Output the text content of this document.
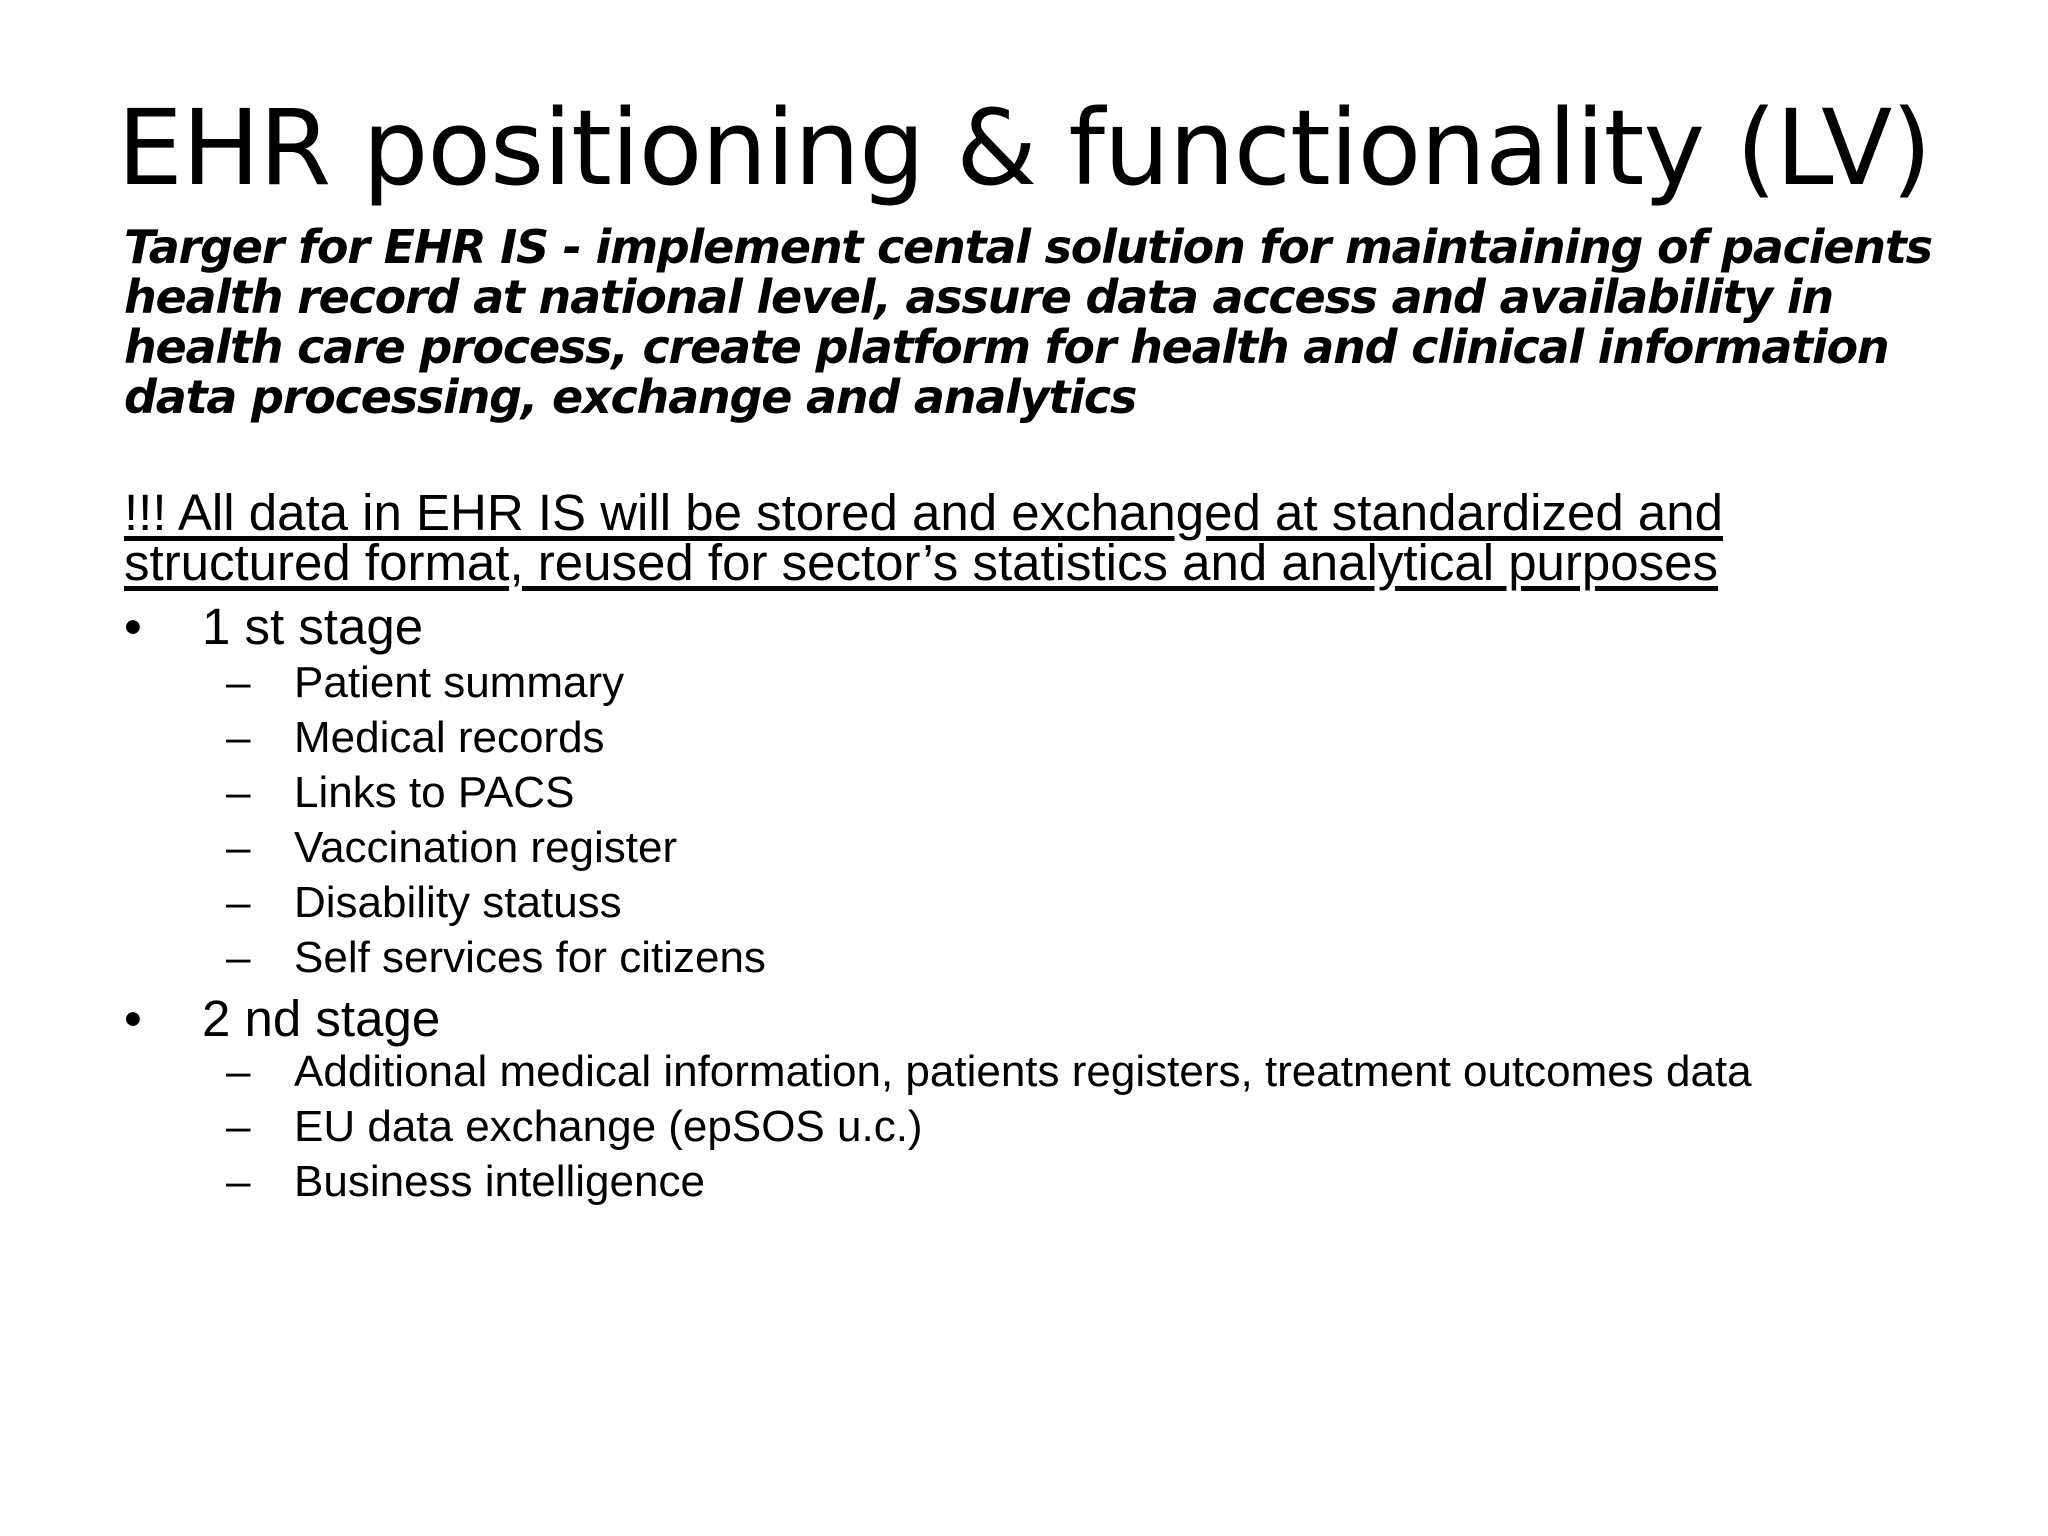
EHR positioning & functionality (LV)

Targer for EHR IS - implement cental solution for maintaining of pacients health record at national level, assure data access and availability in health care process, create platform for health and clinical information data processing, exchange and analytics

!!! All data in EHR IS will be stored and exchanged at standardized and structured format, reused for sector’s statistics and analytical purposes

• 1 st stage
– Patient summary
– Medical records
– Links to PACS
– Vaccination register
– Disability statuss
– Self services for citizens
• 2 nd stage
– Additional medical information, patients registers, treatment outcomes data
– EU data exchange (epSOS u.c.)
– Business intelligence
